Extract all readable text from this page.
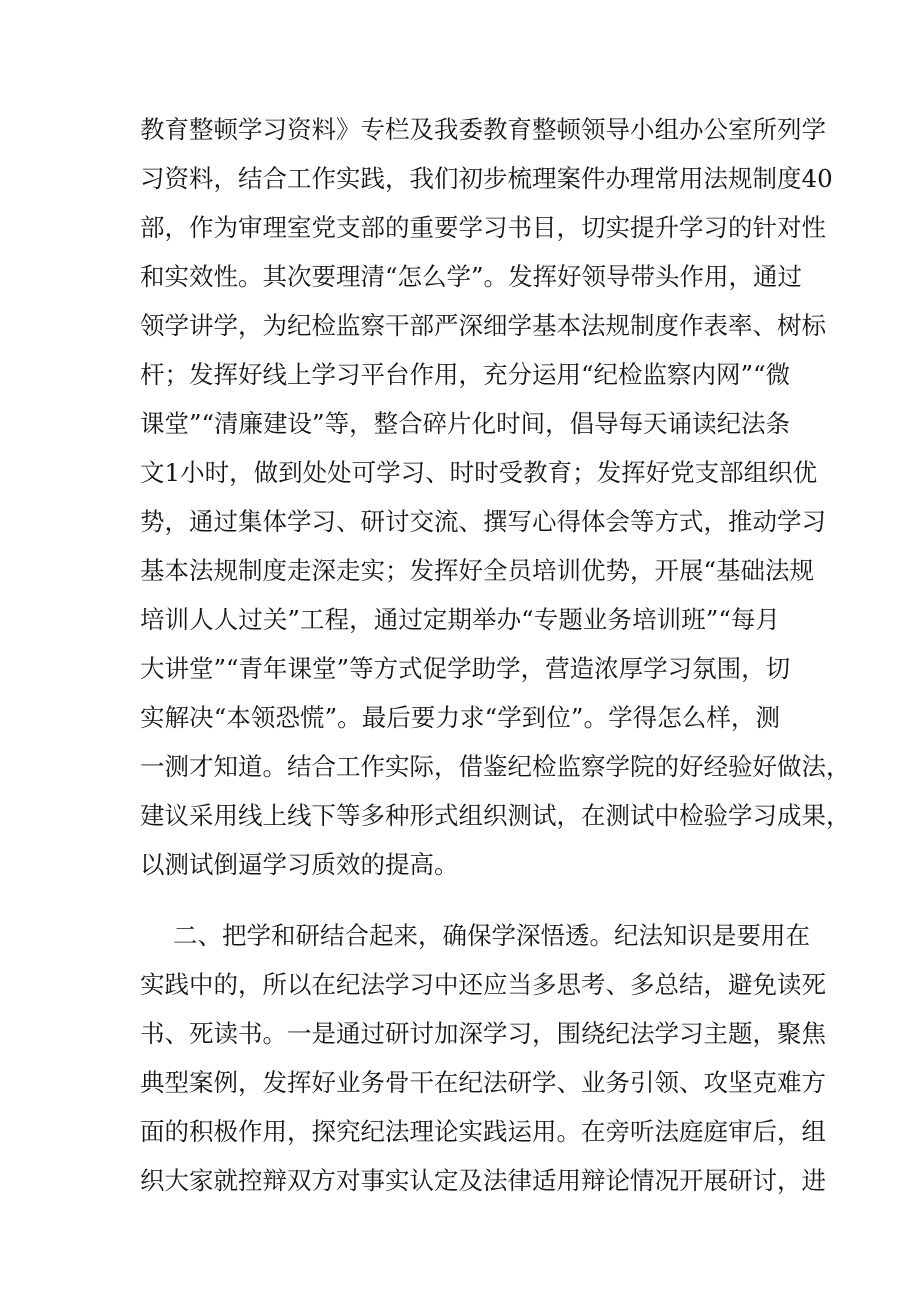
教育整顿学习资料》专栏及我委教育整顿领导小组办公室所列学
习资料，结合工作实践，我们初步梳理案件办理常用法规制度40
部，作为审理室党支部的重要学习书目，切实提升学习的针对性
和实效性。其次要理清“怎么学”。发挥好领导带头作用，通过
领学讲学，为纪检监察干部严深细学基本法规制度作表率、树标
杆；发挥好线上学习平台作用，充分运用“纪检监察内网”“微
课堂”“清廉建设”等，整合碎片化时间，倡导每天诵读纪法条
文1小时，做到处处可学习、时时受教育；发挥好党支部组织优
势，通过集体学习、研讨交流、撰写心得体会等方式，推动学习
基本法规制度走深走实；发挥好全员培训优势，开展“基础法规
培训人人过关”工程，通过定期举办“专题业务培训班”“每月
大讲堂”“青年课堂”等方式促学助学，营造浓厚学习氛围，切
实解决“本领恐慌”。最后要力求“学到位”。学得怎么样，测
一测才知道。结合工作实际，借鉴纪检监察学院的好经验好做法，
建议采用线上线下等多种形式组织测试，在测试中检验学习成果，
以测试倒逼学习质效的提高。
二、把学和研结合起来，确保学深悟透。纪法知识是要用在
实践中的，所以在纪法学习中还应当多思考、多总结，避免读死
书、死读书。一是通过研讨加深学习，围绕纪法学习主题，聚焦
典型案例，发挥好业务骨干在纪法研学、业务引领、攻坚克难方
面的积极作用，探究纪法理论实践运用。在旁听法庭庭审后，组
织大家就控辩双方对事实认定及法律适用辩论情况开展研讨，进
